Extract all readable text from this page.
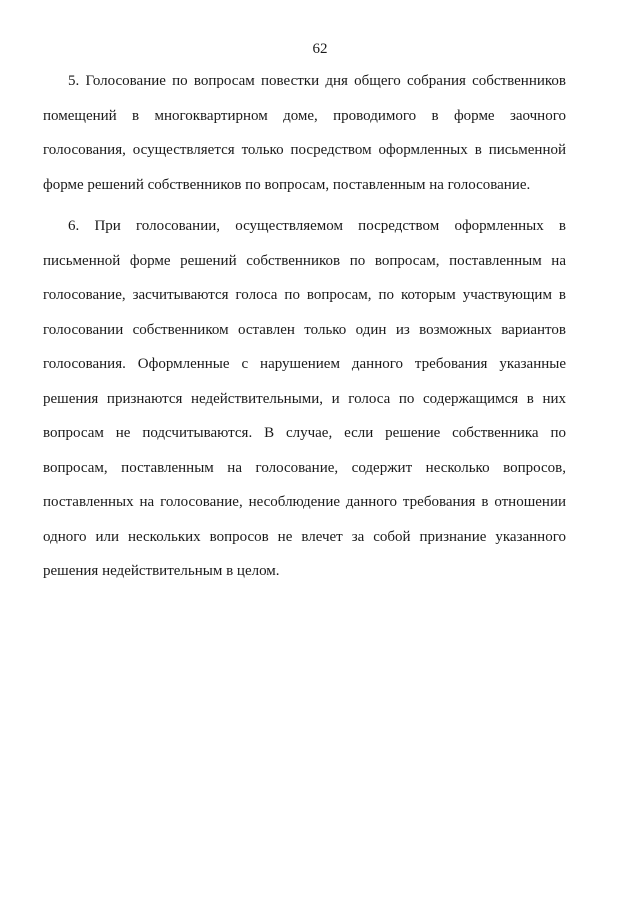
62

5. Голосование по вопросам повестки дня общего собрания собственников помещений в многоквартирном доме, проводимого в форме заочного голосования, осуществляется только посредством оформленных в письменной форме решений собственников по вопросам, поставленным на голосование.

6. При голосовании, осуществляемом посредством оформленных в письменной форме решений собственников по вопросам, поставленным на голосование, засчитываются голоса по вопросам, по которым участвующим в голосовании собственником оставлен только один из возможных вариантов голосования. Оформленные с нарушением данного требования указанные решения признаются недействительными, и голоса по содержащимся в них вопросам не подсчитываются. В случае, если решение собственника по вопросам, поставленным на голосование, содержит несколько вопросов, поставленных на голосование, несоблюдение данного требования в отношении одного или нескольких вопросов не влечет за собой признание указанного решения недействительным в целом.
